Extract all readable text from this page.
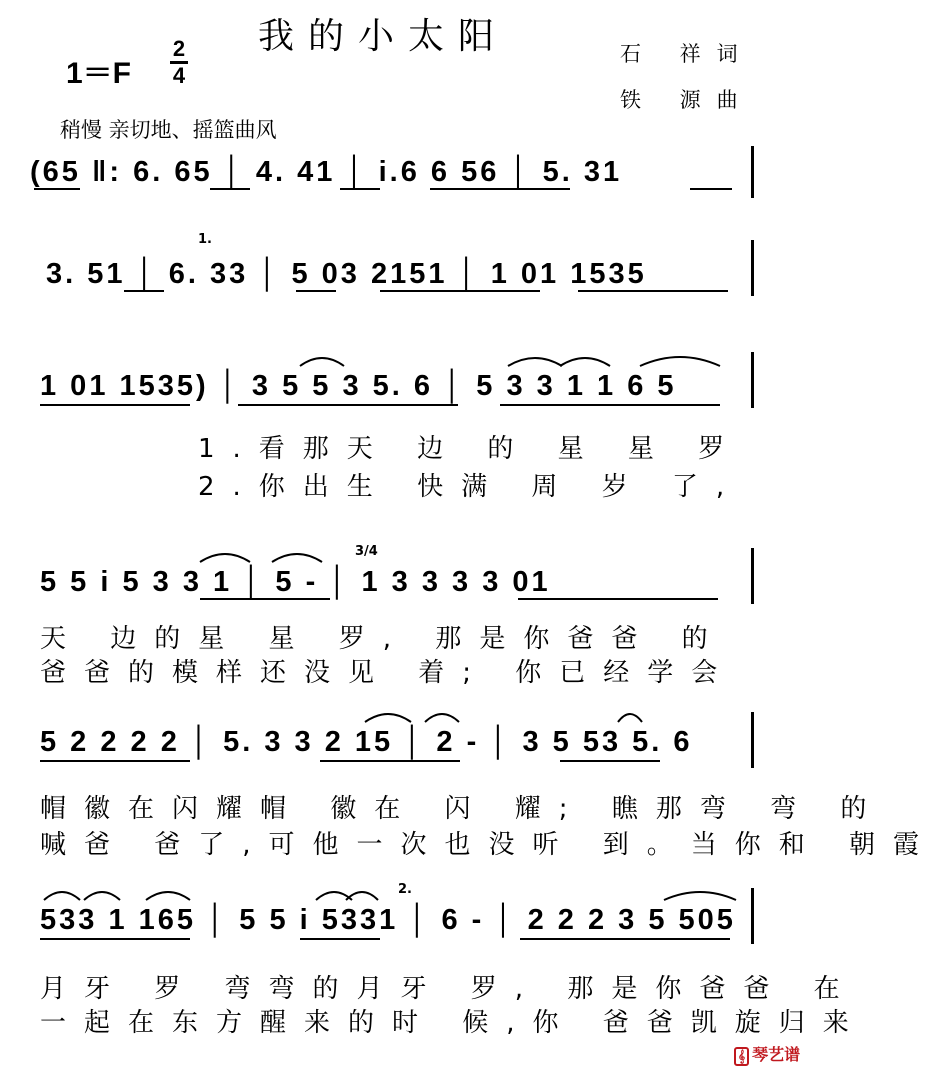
我的小太阳
1＝F
2
4
石 祥词
铁 源曲
稍慢 亲切地、摇篮曲风
(65 ‖: 6. 65 │ 4. 41 │ i.6 6 56 │ 5. 31
3. 51 │ 6. 33 │ 5 03 2151 │ 1 01 1535
1.
1 01 1535) │ 3 5 5 3 5. 6 │ 5 3 3 1 1 6 5
1.看那天 边 的 星 星 罗
2.你出生 快满 周 岁 了,
5 5 i 5 3 3 1 │ 5 - │ 1 3 3 3 3 01
3/4
天 边的星 星 罗, 那是你爸爸 的
爸爸的模样还没见 着; 你已经学会
5 2 2 2 2 │ 5. 3 3 2 15 │ 2 - │ 3 5 53 5. 6
帽徽在闪耀帽 徽在 闪 耀; 瞧那弯 弯 的
喊爸 爸了,可他一次也没听 到。当你和 朝霞
533 1 165 │ 5 5 i 5331 │ 6 - │ 2 2 2 3 5 505
2.
月牙 罗 弯弯的月牙 罗, 那是你爸爸 在
一起在东方醒来的时 候,你 爸爸凯旋归来
𝄞 琴艺谱
